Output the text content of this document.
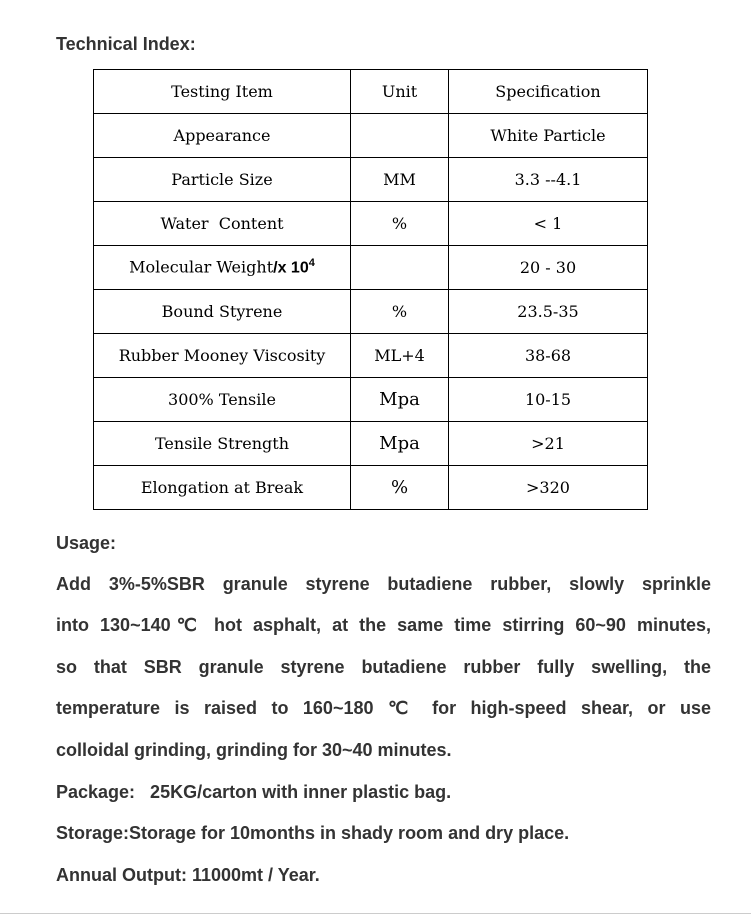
Technical Index:
Testing Item	Unit	Specification
Appearance		White Particle
Particle Size	MM	3.3 --4.1
Water  Content	%	< 1
Molecular Weight/x $10^4$		20 - 30
Bound Styrene	%	23.5-35
Rubber Mooney Viscosity	ML+4	38-68
300% Tensile	Mpa	10-15
Tensile Strength	Mpa	>21
Elongation at Break	%	>320
Usage:
Add 3%-5%SBR granule styrene butadiene rubber, slowly sprinkle
into 130~140℃ hot asphalt, at the same time stirring 60~90 minutes,
so that SBR granule styrene butadiene rubber fully swelling, the
temperature is raised to 160~180 ℃ for high-speed shear, or use
colloidal grinding, grinding for 30~40 minutes.
Package:   25KG/carton with inner plastic bag.
Storage:Storage for 10months in shady room and dry place.
Annual Output: 11000mt / Year.
